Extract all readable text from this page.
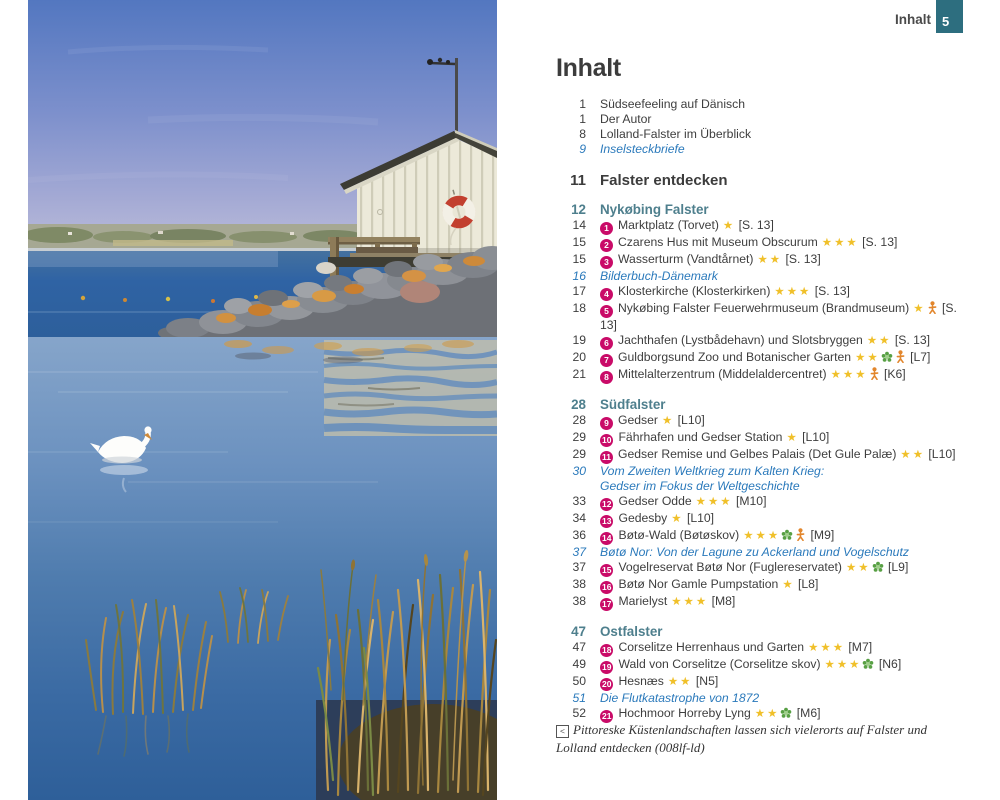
Inhalt 5
Inhalt
1 Südseefeeling auf Dänisch
1 Der Autor
8 Lolland-Falster im Überblick
9 Inselsteckbriefe
11 Falster entdecken
12 Nykøbing Falster
14	1 Marktplatz (Torvet) ★ [S. 13]
15	2 Czarens Hus mit Museum Obscurum ★★★ [S. 13]
15	3 Wasserturm (Vandtårnet) ★★ [S. 13]
16 Bilderbuch-Dänemark
17	4 Klosterkirche (Klosterkirken) ★★★ [S. 13]
18	5 Nykøbing Falster Feuerwehrmuseum (Brandmuseum) ★ [S. 13]
19	6 Jachthafen (Lystbådehavn) und Slotsbryggen ★★ [S. 13]
20	7 Guldborgsund Zoo und Botanischer Garten ★★ [L7]
21	8 Mittelalterzentrum (Middelaldercentret) ★★★ [K6]
28 Südfalster
28	9 Gedser ★ [L10]
29 10 Fährhafen und Gedser Station ★ [L10]
29 11 Gedser Remise und Gelbes Palais (Det Gule Palæ) ★★ [L10]
30 Vom Zweiten Weltkrieg zum Kalten Krieg:
Gedser im Fokus der Weltgeschichte
33 12 Gedser Odde ★★★ [M10]
34 13 Gedesby ★ [L10]
36 14 Bøtø-Wald (Bøtøskov) ★★★ [M9]
37 Bøtø Nor: Von der Lagune zu Ackerland und Vogelschutz
37 15 Vogelreservat Bøtø Nor (Fuglereservatet) ★★ [L9]
38 16 Bøtø Nor Gamle Pumpstation ★ [L8]
38 17 Marielyst ★★★ [M8]
47 Ostfalster
47 18 Corselitze Herrenhaus und Garten ★★★ [M7]
49 19 Wald von Corselitze (Corselitze skov) ★★★ [N6]
50 20 Hesnæs ★★ [N5]
51 Die Flutkatastrophe von 1872
52 21 Hochmoor Horreby Lyng ★★ [M6]
< Pittoreske Küstenlandschaften lassen sich vielerorts auf Falster und Lolland entdecken (008lf-ld)
